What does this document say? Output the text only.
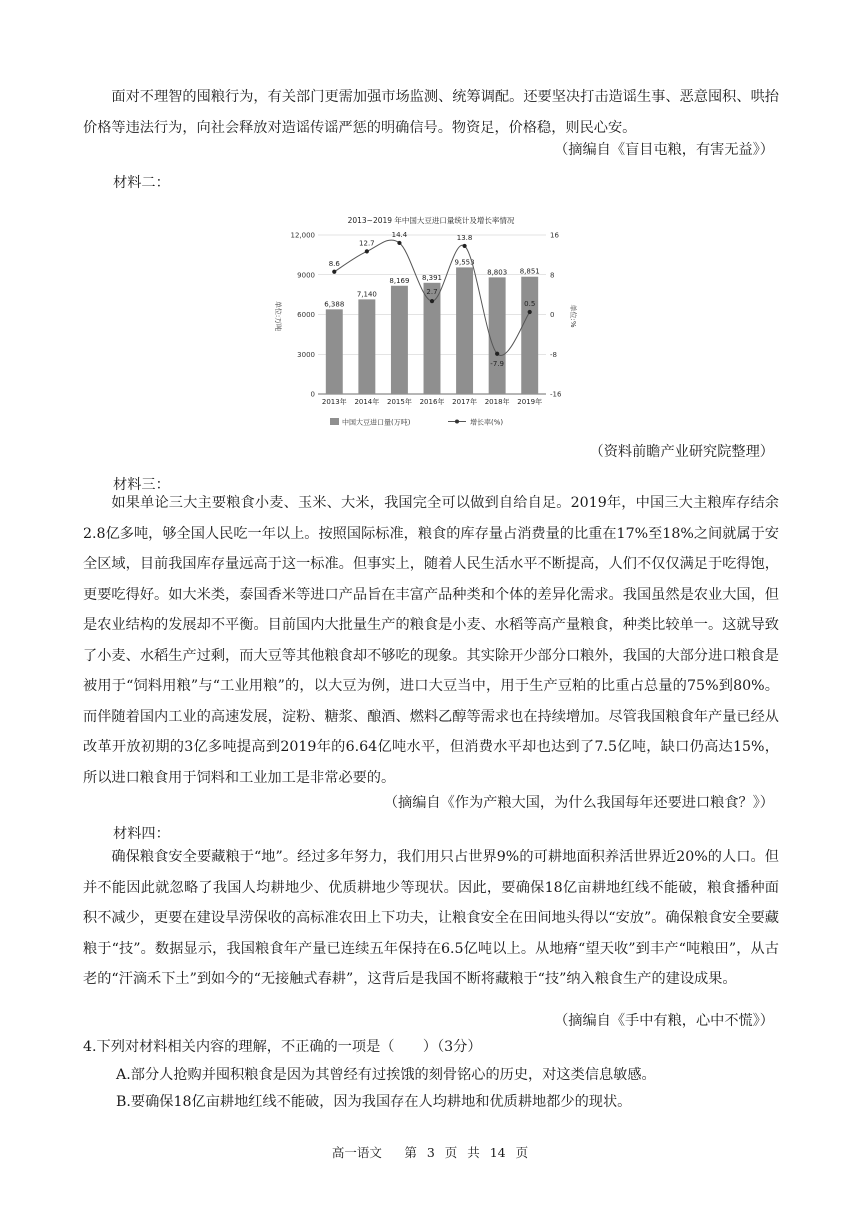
面对不理智的囤粮行为，有关部门更需加强市场监测、统筹调配。还要坚决打击造谣生事、恶意囤积、哄抬价格等违法行为，向社会释放对造谣传谣严惩的明确信号。物资足，价格稳，则民心安。

（摘编自《盲目屯粮，有害无益》）

材料二：

2013~2019 年中国大豆进口量统计及增长率情况
6,388
7,140
8,169 8,391
9,553
8,803 8,851
8.6
12.7
14.4
2.7
13.8
-7.9
0.5
0	-16
3000	-8
6000	0
9000	8
12,000	16
2013年 2014年 2015年 2016年 2017年 2018年 2019年
单位:万吨	单位:%
中国大豆进口量(万吨)	增长率(%)

（资料前瞻产业研究院整理）

材料三：

如果单论三大主要粮食小麦、玉米、大米，我国完全可以做到自给自足。2019年，中国三大主粮库存结余2.8亿多吨，够全国人民吃一年以上。按照国际标准，粮食的库存量占消费量的比重在17%至18%之间就属于安全区域，目前我国库存量远高于这一标准。但事实上，随着人民生活水平不断提高，人们不仅仅满足于吃得饱，更要吃得好。如大米类，泰国香米等进口产品旨在丰富产品种类和个体的差异化需求。我国虽然是农业大国，但是农业结构的发展却不平衡。目前国内大批量生产的粮食是小麦、水稻等高产量粮食，种类比较单一。这就导致了小麦、水稻生产过剩，而大豆等其他粮食却不够吃的现象。其实除开少部分口粮外，我国的大部分进口粮食是被用于“饲料用粮”与“工业用粮”的，以大豆为例，进口大豆当中，用于生产豆粕的比重占总量的75%到80%。而伴随着国内工业的高速发展，淀粉、糖浆、酿酒、燃料乙醇等需求也在持续增加。尽管我国粮食年产量已经从改革开放初期的3亿多吨提高到2019年的6.64亿吨水平，但消费水平却也达到了7.5亿吨，缺口仍高达15%，所以进口粮食用于饲料和工业加工是非常必要的。

（摘编自《作为产粮大国，为什么我国每年还要进口粮食？》）

材料四：

确保粮食安全要藏粮于“地”。经过多年努力，我们用只占世界9%的可耕地面积养活世界近20%的人口。但并不能因此就忽略了我国人均耕地少、优质耕地少等现状。因此，要确保18亿亩耕地红线不能破，粮食播种面积不减少，更要在建设旱涝保收的高标准农田上下功夫，让粮食安全在田间地头得以“安放”。确保粮食安全要藏粮于“技”。数据显示，我国粮食年产量已连续五年保持在6.5亿吨以上。从地瘠“望天收”到丰产“吨粮田”，从古老的“汗滴禾下土”到如今的“无接触式春耕”，这背后是我国不断将藏粮于“技”纳入粮食生产的建设成果。

（摘编自《手中有粮，心中不慌》）

4.下列对材料相关内容的理解，不正确的一项是（　　）（3分）

A.部分人抢购并囤积粮食是因为其曾经有过挨饿的刻骨铭心的历史，对这类信息敏感。

B.要确保18亿亩耕地红线不能破，因为我国存在人均耕地和优质耕地都少的现状。

高一语文　 第 3 页 共 14 页
